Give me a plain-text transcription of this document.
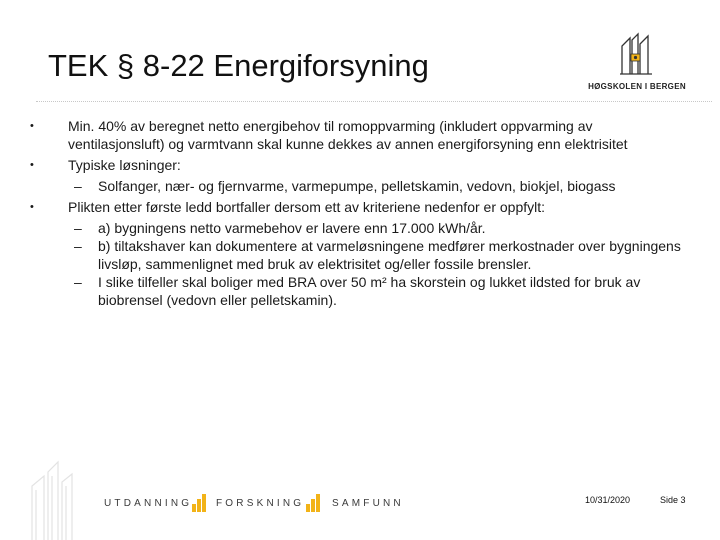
TEK § 8-22 Energiforsyning
HØGSKOLEN I BERGEN
•	Min. 40% av beregnet netto energibehov til romoppvarming (inkludert oppvarming av ventilasjonsluft) og varmtvann skal kunne dekkes av annen energiforsyning enn elektrisitet
•	Typiske løsninger:
– Solfanger, nær- og fjernvarme, varmepumpe, pelletskamin, vedovn, biokjel, biogass
•	Plikten etter første ledd bortfaller dersom ett av kriteriene nedenfor er oppfylt:
– a) bygningens netto varmebehov er lavere enn 17.000 kWh/år.
– b) tiltakshaver kan dokumentere at varmeløsningene medfører merkostnader over bygningens livsløp, sammenlignet med bruk av elektrisitet og/eller fossile brensler.
– I slike tilfeller skal boliger med BRA over 50 m² ha skorstein og lukket ildsted for bruk av biobrensel (vedovn eller pelletskamin).
UTDANNING FORSKNING	SAMFUNN	10/31/2020	Side 3
